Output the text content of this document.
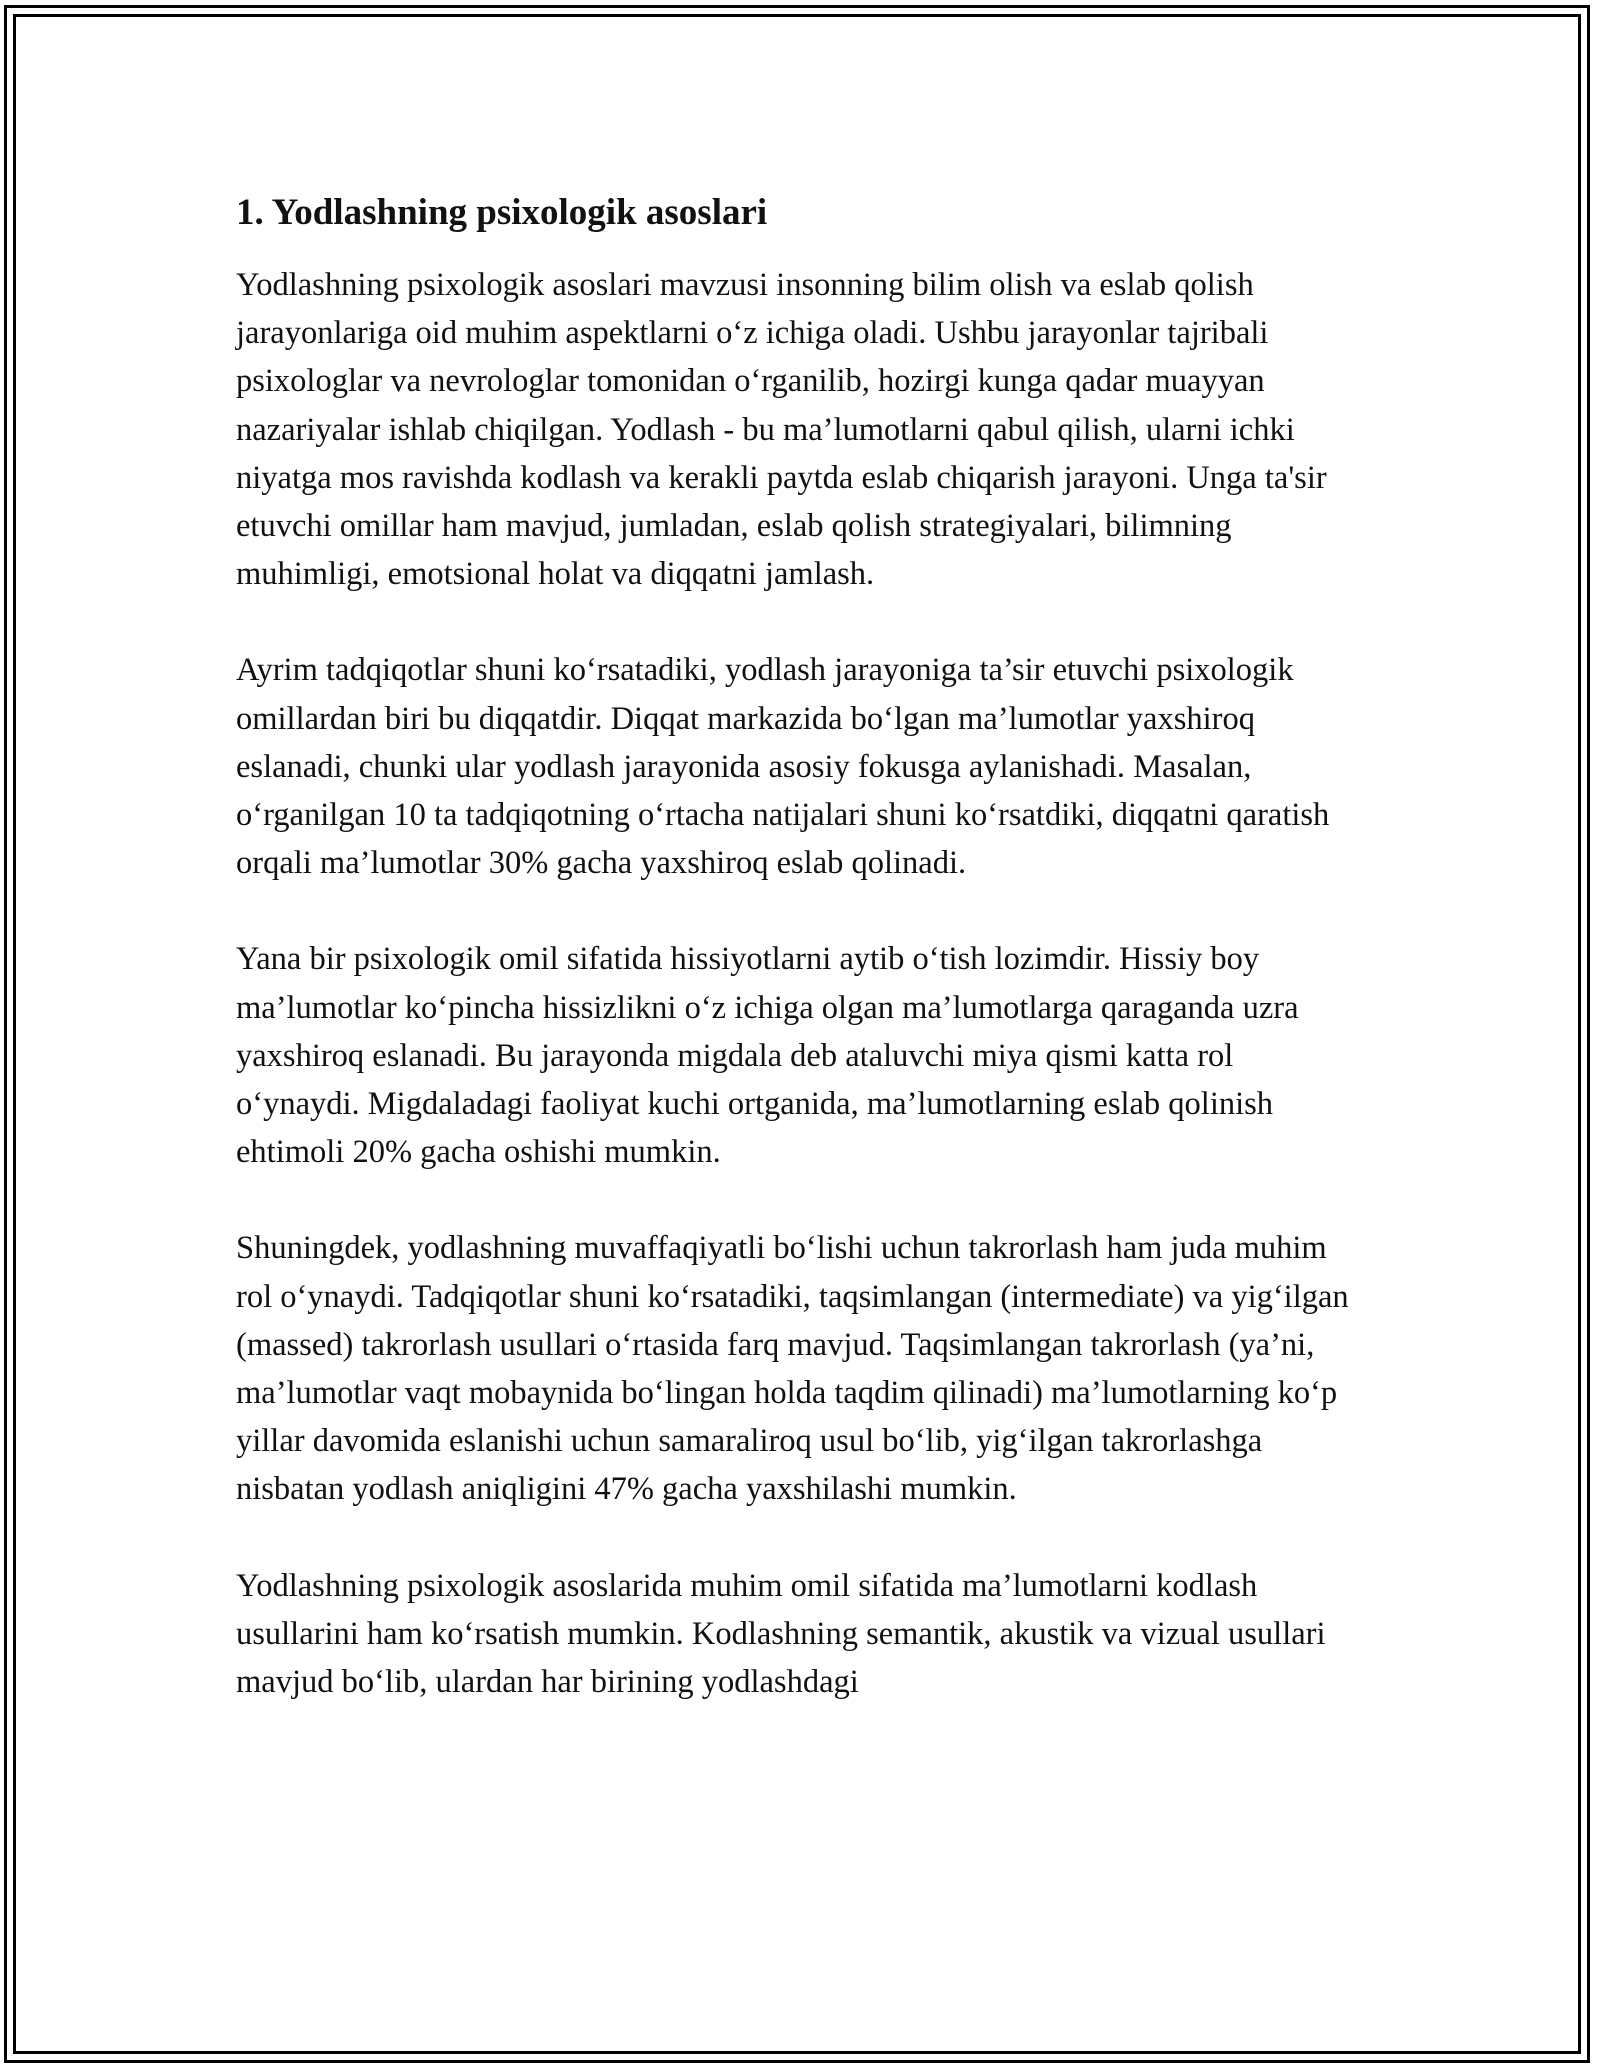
1. Yodlashning psixologik asoslari

Yodlashning psixologik asoslari mavzusi insonning bilim olish va eslab qolish jarayonlariga oid muhim aspektlarni o‘z ichiga oladi. Ushbu jarayonlar tajribali psixologlar va nevrologlar tomonidan o‘rganilib, hozirgi kunga qadar muayyan nazariyalar ishlab chiqilgan. Yodlash - bu ma’lumotlarni qabul qilish, ularni ichki niyatga mos ravishda kodlash va kerakli paytda eslab chiqarish jarayoni. Unga ta'sir etuvchi omillar ham mavjud, jumladan, eslab qolish strategiyalari, bilimning muhimligi, emotsional holat va diqqatni jamlash.

Ayrim tadqiqotlar shuni ko‘rsatadiki, yodlash jarayoniga ta’sir etuvchi psixologik omillardan biri bu diqqatdir. Diqqat markazida bo‘lgan ma’lumotlar yaxshiroq eslanadi, chunki ular yodlash jarayonida asosiy fokusga aylanishadi. Masalan, o‘rganilgan 10 ta tadqiqotning o‘rtacha natijalari shuni ko‘rsatdiki, diqqatni qaratish orqali ma’lumotlar 30% gacha yaxshiroq eslab qolinadi.

Yana bir psixologik omil sifatida hissiyotlarni aytib o‘tish lozimdir. Hissiy boy ma’lumotlar ko‘pincha hissizlikni o‘z ichiga olgan ma’lumotlarga qaraganda uzra yaxshiroq eslanadi. Bu jarayonda migdala deb ataluvchi miya qismi katta rol o‘ynaydi. Migdaladagi faoliyat kuchi ortganida, ma’lumotlarning eslab qolinish ehtimoli 20% gacha oshishi mumkin.

Shuningdek, yodlashning muvaffaqiyatli bo‘lishi uchun takrorlash ham juda muhim rol o‘ynaydi. Tadqiqotlar shuni ko‘rsatadiki, taqsimlangan (intermediate) va yig‘ilgan (massed) takrorlash usullari o‘rtasida farq mavjud. Taqsimlangan takrorlash (ya’ni, ma’lumotlar vaqt mobaynida bo‘lingan holda taqdim qilinadi) ma’lumotlarning ko‘p yillar davomida eslanishi uchun samaraliroq usul bo‘lib, yig‘ilgan takrorlashga nisbatan yodlash aniqligini 47% gacha yaxshilashi mumkin.

Yodlashning psixologik asoslarida muhim omil sifatida ma’lumotlarni kodlash usullarini ham ko‘rsatish mumkin. Kodlashning semantik, akustik va vizual usullari mavjud bo‘lib, ulardan har birining yodlashdagi
